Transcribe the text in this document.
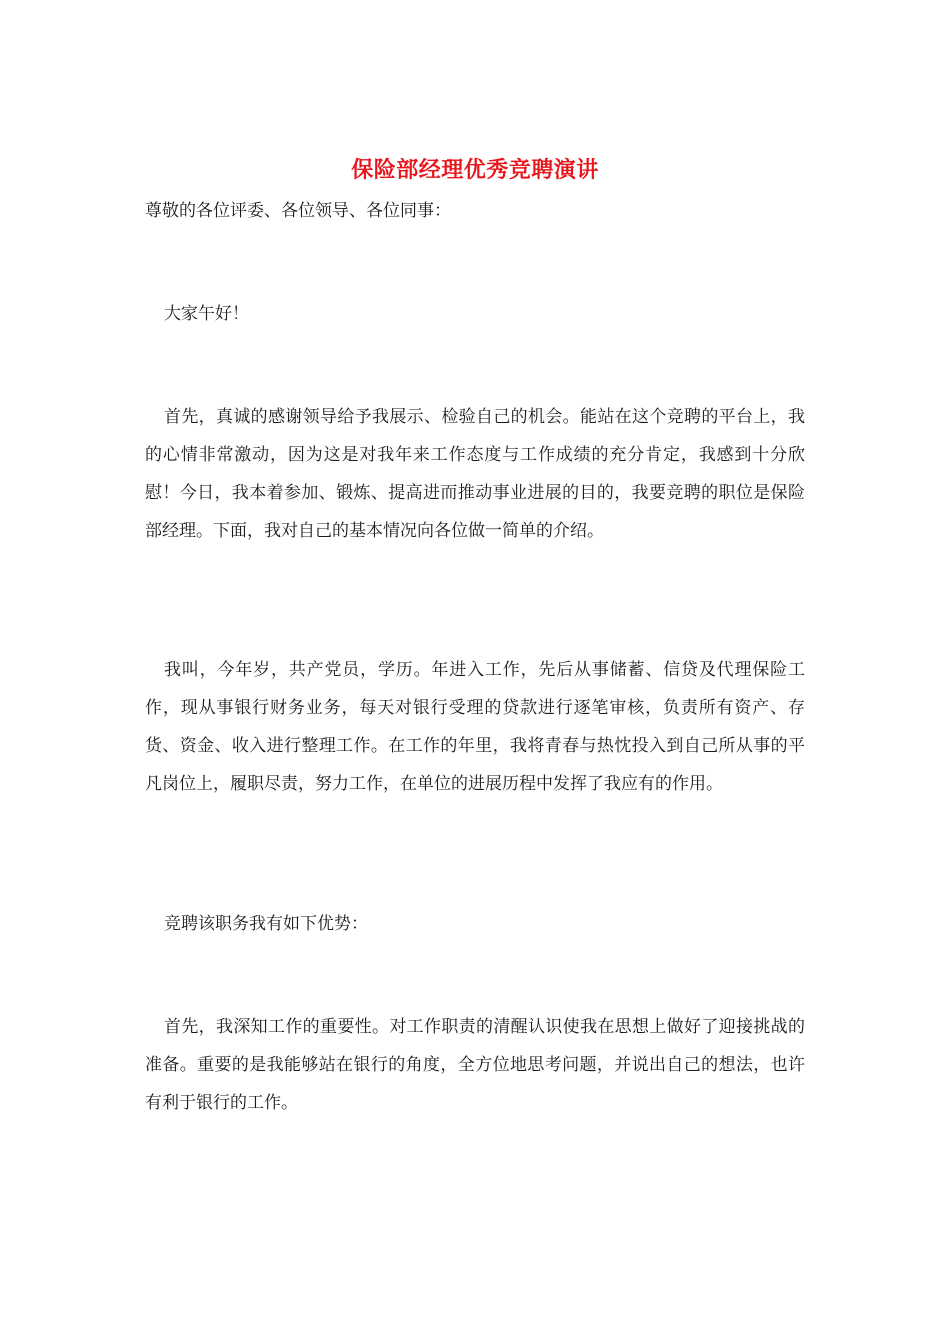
保险部经理优秀竞聘演讲
尊敬的各位评委、各位领导、各位同事：

大家午好！

首先，真诚的感谢领导给予我展示、检验自己的机会。能站在这个竞聘的平台上，我的心情非常激动，因为这是对我年来工作态度与工作成绩的充分肯定，我感到十分欣慰！今日，我本着参加、锻炼、提高进而推动事业进展的目的，我要竞聘的职位是保险部经理。下面，我对自己的基本情况向各位做一简单的介绍。

我叫，今年岁，共产党员，学历。年进入工作，先后从事储蓄、信贷及代理保险工作，现从事银行财务业务，每天对银行受理的贷款进行逐笔审核，负责所有资产、存货、资金、收入进行整理工作。在工作的年里，我将青春与热忱投入到自己所从事的平凡岗位上，履职尽责，努力工作，在单位的进展历程中发挥了我应有的作用。

竞聘该职务我有如下优势：

首先，我深知工作的重要性。对工作职责的清醒认识使我在思想上做好了迎接挑战的准备。重要的是我能够站在银行的角度，全方位地思考问题，并说出自己的想法，也许有利于银行的工作。
